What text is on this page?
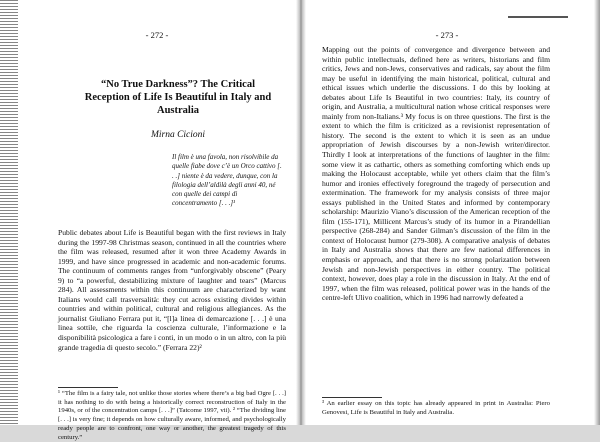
- 272 -
“No True Darkness”? The Critical Reception of Life Is Beautiful in Italy and Australia
Mirna Cicioni
Il film è una favola, non risolvibile da quelle fiabe dove c’è un Orco cattivo [. . .] niente è da vedere, dunque, con la filologia dell’aldilà degli anni 40, né con quelle dei campi di concentramento [. . .]¹
Public debates about Life is Beautiful began with the first reviews in Italy during the 1997-98 Christmas season, continued in all the countries where the film was released, resumed after it won three Academy Awards in 1999, and have since progressed in academic and non-academic forums. The continuum of comments ranges from “unforgivably obscene” (Peary 9) to “a powerful, destabilizing mixture of laughter and tears” (Marcus 284). All assessments within this continuum are characterized by want Italians would call trasversalità: they cut across existing divides within countries and within political, cultural and religious allegiances. As the journalist Giuliano Ferrara put it, “[l]a linea di demarcazione [. . .] è una linea sottile, che riguarda la coscienza culturale, l’informazione e la disponibilità psicologica a fare i conti, in un modo o in un altro, con la più grande tragedia di questo secolo.” (Ferrara 22)²
¹ “The film is a fairy tale, not unlike those stories where there’s a big bad Ogre [. . .] it has nothing to do with being a historically correct reconstruction of Italy in the 1940s, or of the concentration camps [. . .]” (Tatcome 1997, vii). ² “The dividing line [. . .] is very fine; it depends on how culturally aware, informed, and psychologically ready people are to confront, one way or another, the greatest tragedy of this century.”
- 273 -
Mapping out the points of convergence and divergence between and within public intellectuals, defined here as writers, historians and film critics, Jews and non-Jews, conservatives and radicals, say about the film may be useful in identifying the main historical, political, cultural and ethical issues which underlie the discussions. I do this by looking at debates about Life Is Beautiful in two countries: Italy, its country of origin, and Australia, a multicultural nation whose critical responses were mainly from non-Italians.³ My focus is on three questions. The first is the extent to which the film is criticized as a revisionist representation of history. The second is the extent to which it is seen as an undue appropriation of Jewish discourses by a non-Jewish writer/director. Thirdly I look at interpretations of the functions of laughter in the film: some view it as cathartic, others as something comforting which ends up making the Holocaust acceptable, while yet others claim that the film’s humor and ironies effectively foreground the tragedy of persecution and extermination. The framework for my analysis consists of three major essays published in the United States and informed by contemporary scholarship: Maurizio Viano’s discussion of the American reception of the film (155-171), Millicent Marcus’s study of its humor in a Pirandellian perspective (268-284) and Sander Gilman’s discussion of the film in the context of Holocaust humor (279-308). A comparative analysis of debates in Italy and Australia shows that there are few national differences in emphasis or approach, and that there is no strong polarization between Jewish and non-Jewish perspectives in either country. The political context, however, does play a role in the discussion in Italy. At the end of 1997, when the film was released, political power was in the hands of the centre-left Ulivo coalition, which in 1996 had narrowly defeated a
³ An earlier essay on this topic has already appeared in print in Australia: Piero Genovesi, Life is Beautiful in Italy and Australia.
